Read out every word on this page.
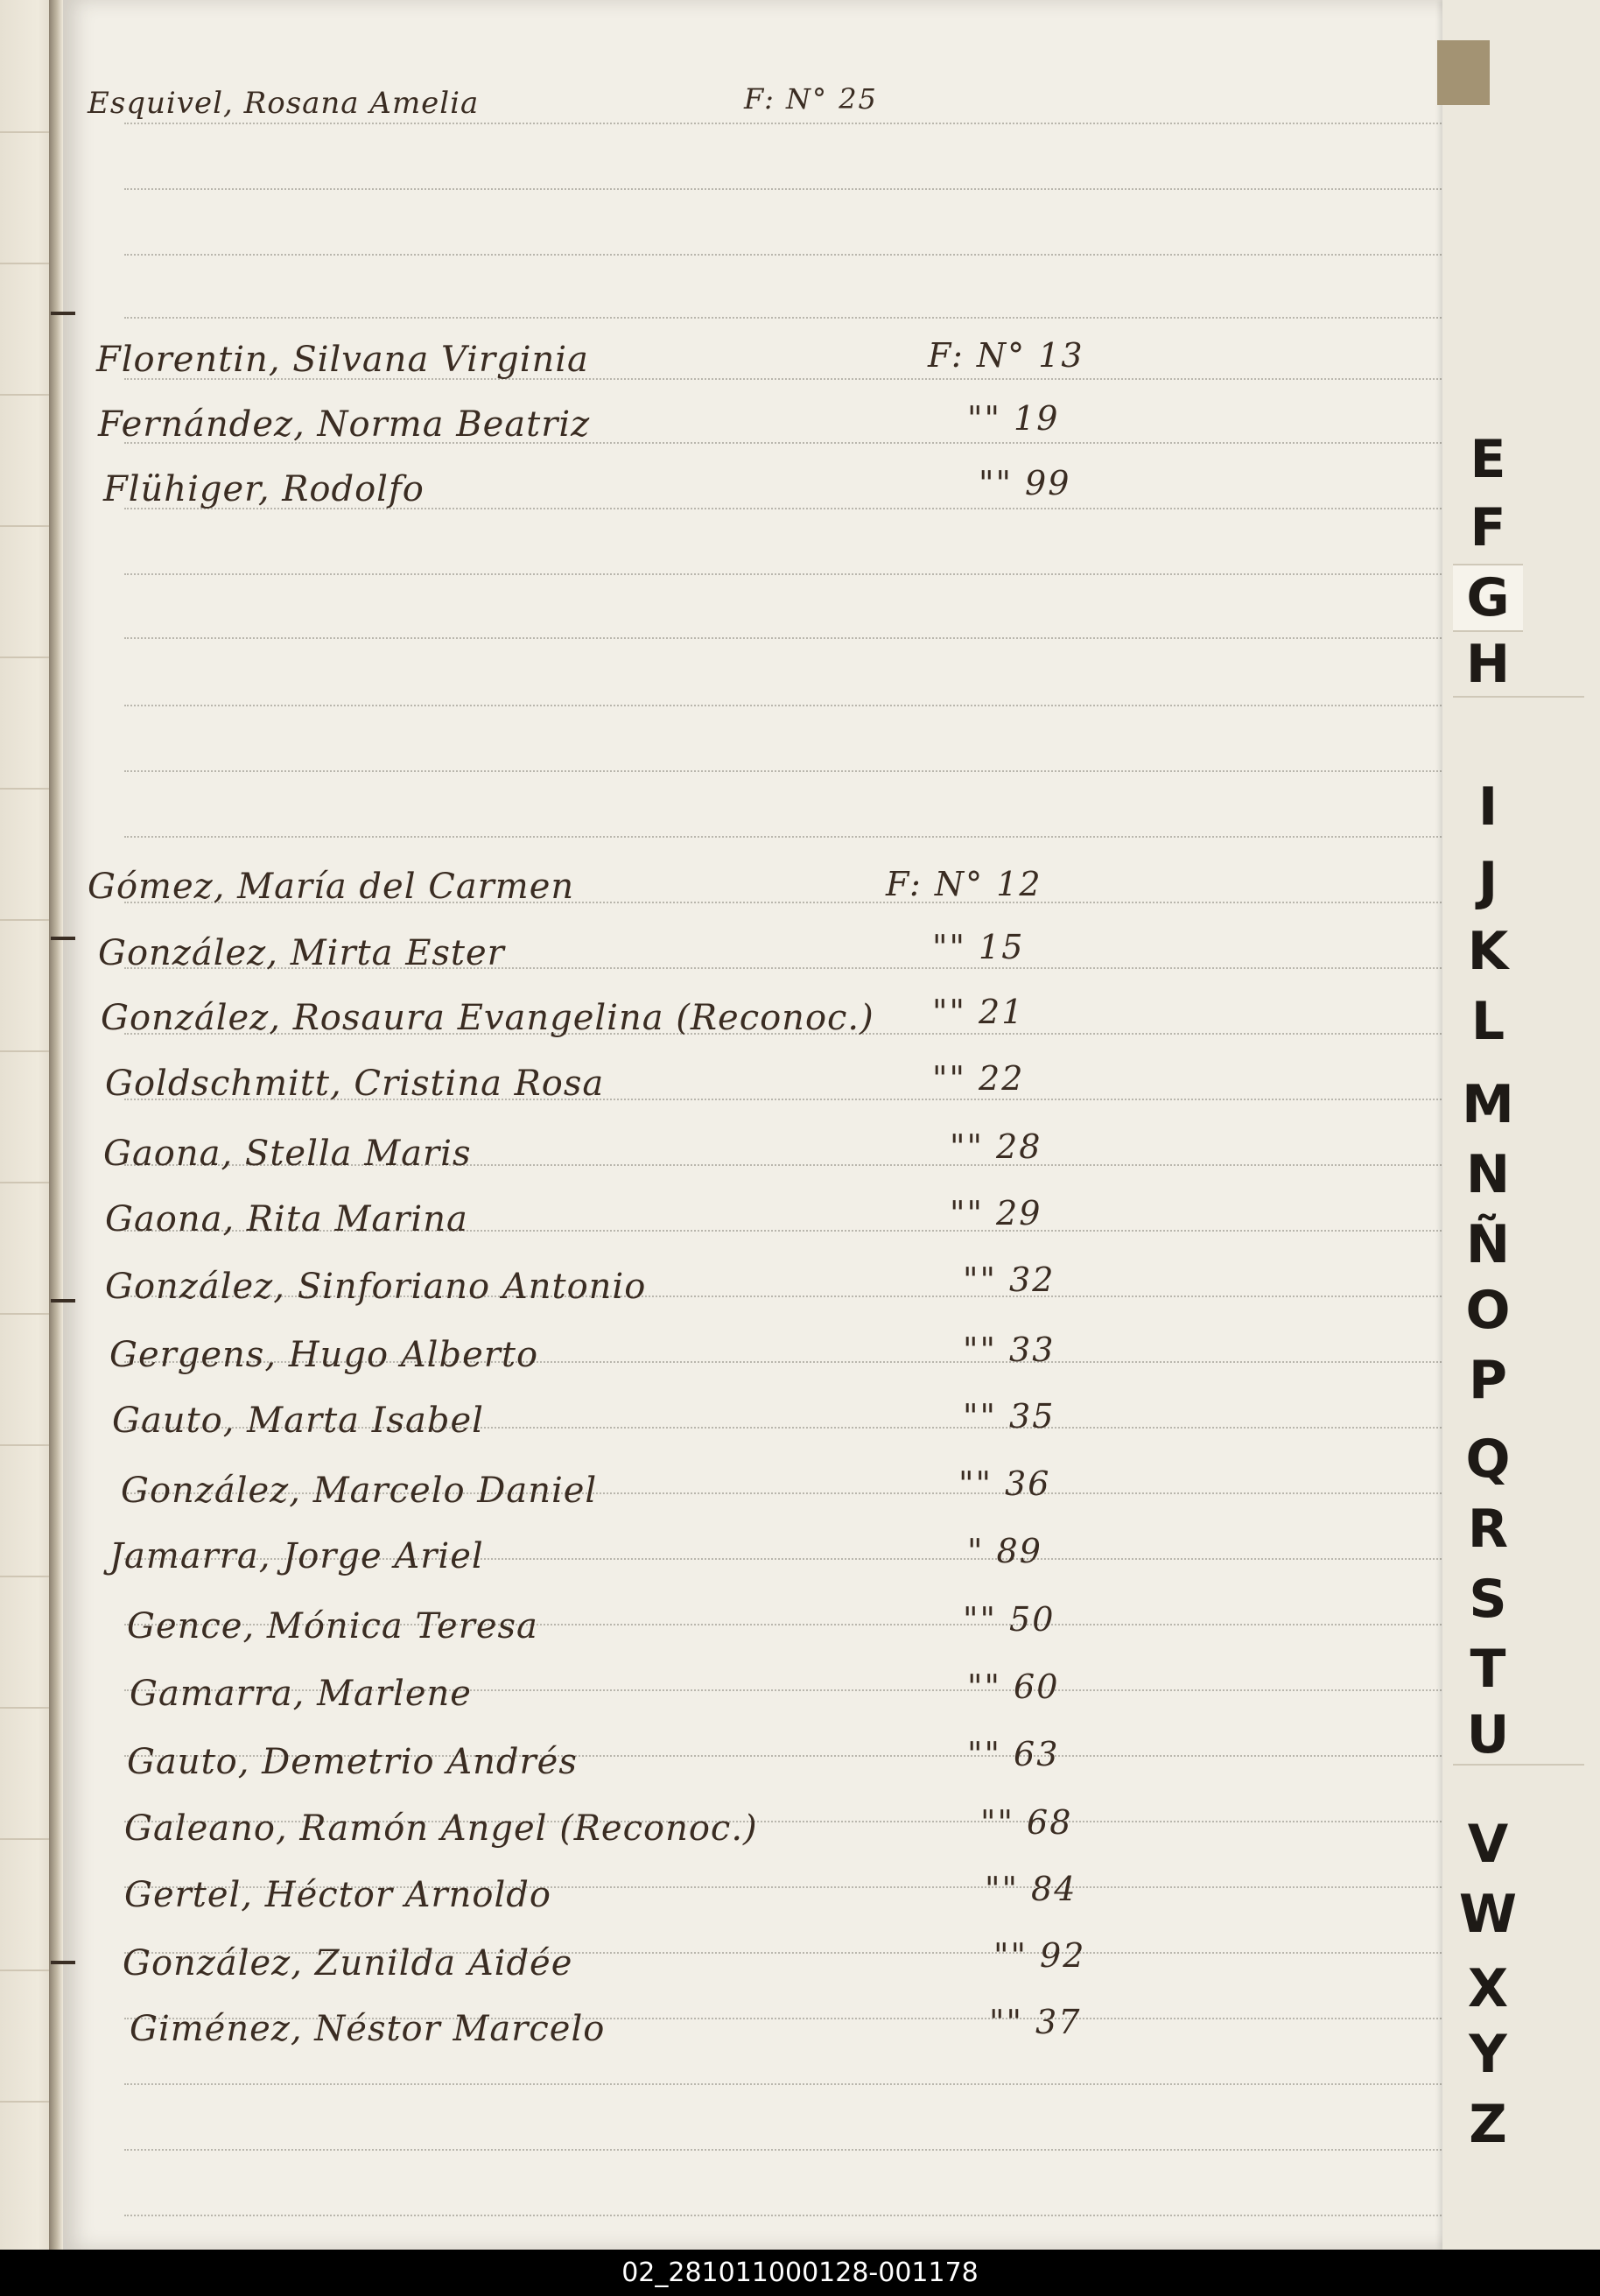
E
F
G
H
I
J
K
L
M
N
Ñ
O
P
Q
R
S
T
U
V
W
X
Y
Z
Esquivel, Rosana Amelia	F: N° 25
Florentin, Silvana Virginia	F: N° 13
Fernández, Norma Beatriz	"" 19
Flühiger, Rodolfo	"" 99
Gómez, María del Carmen	F: N° 12
González, Mirta Ester	"" 15
González, Rosaura Evangelina (Reconoc.) "" 21
Goldschmitt, Cristina Rosa	"" 22
Gaona, Stella Maris	"" 28
Gaona, Rita Marina	"" 29
González, Sinforiano Antonio	"" 32
Gergens, Hugo Alberto	"" 33
Gauto, Marta Isabel	"" 35
González, Marcelo Daniel	"" 36
Jamarra, Jorge Ariel	" 89
Gence, Mónica Teresa	"" 50
Gamarra, Marlene	"" 60
Gauto, Demetrio Andrés	"" 63
Galeano, Ramón Angel (Reconoc.)	"" 68
Gertel, Héctor Arnoldo	"" 84
González, Zunilda Aidée	"" 92
Giménez, Néstor Marcelo	"" 37
02_281011000128-001178
